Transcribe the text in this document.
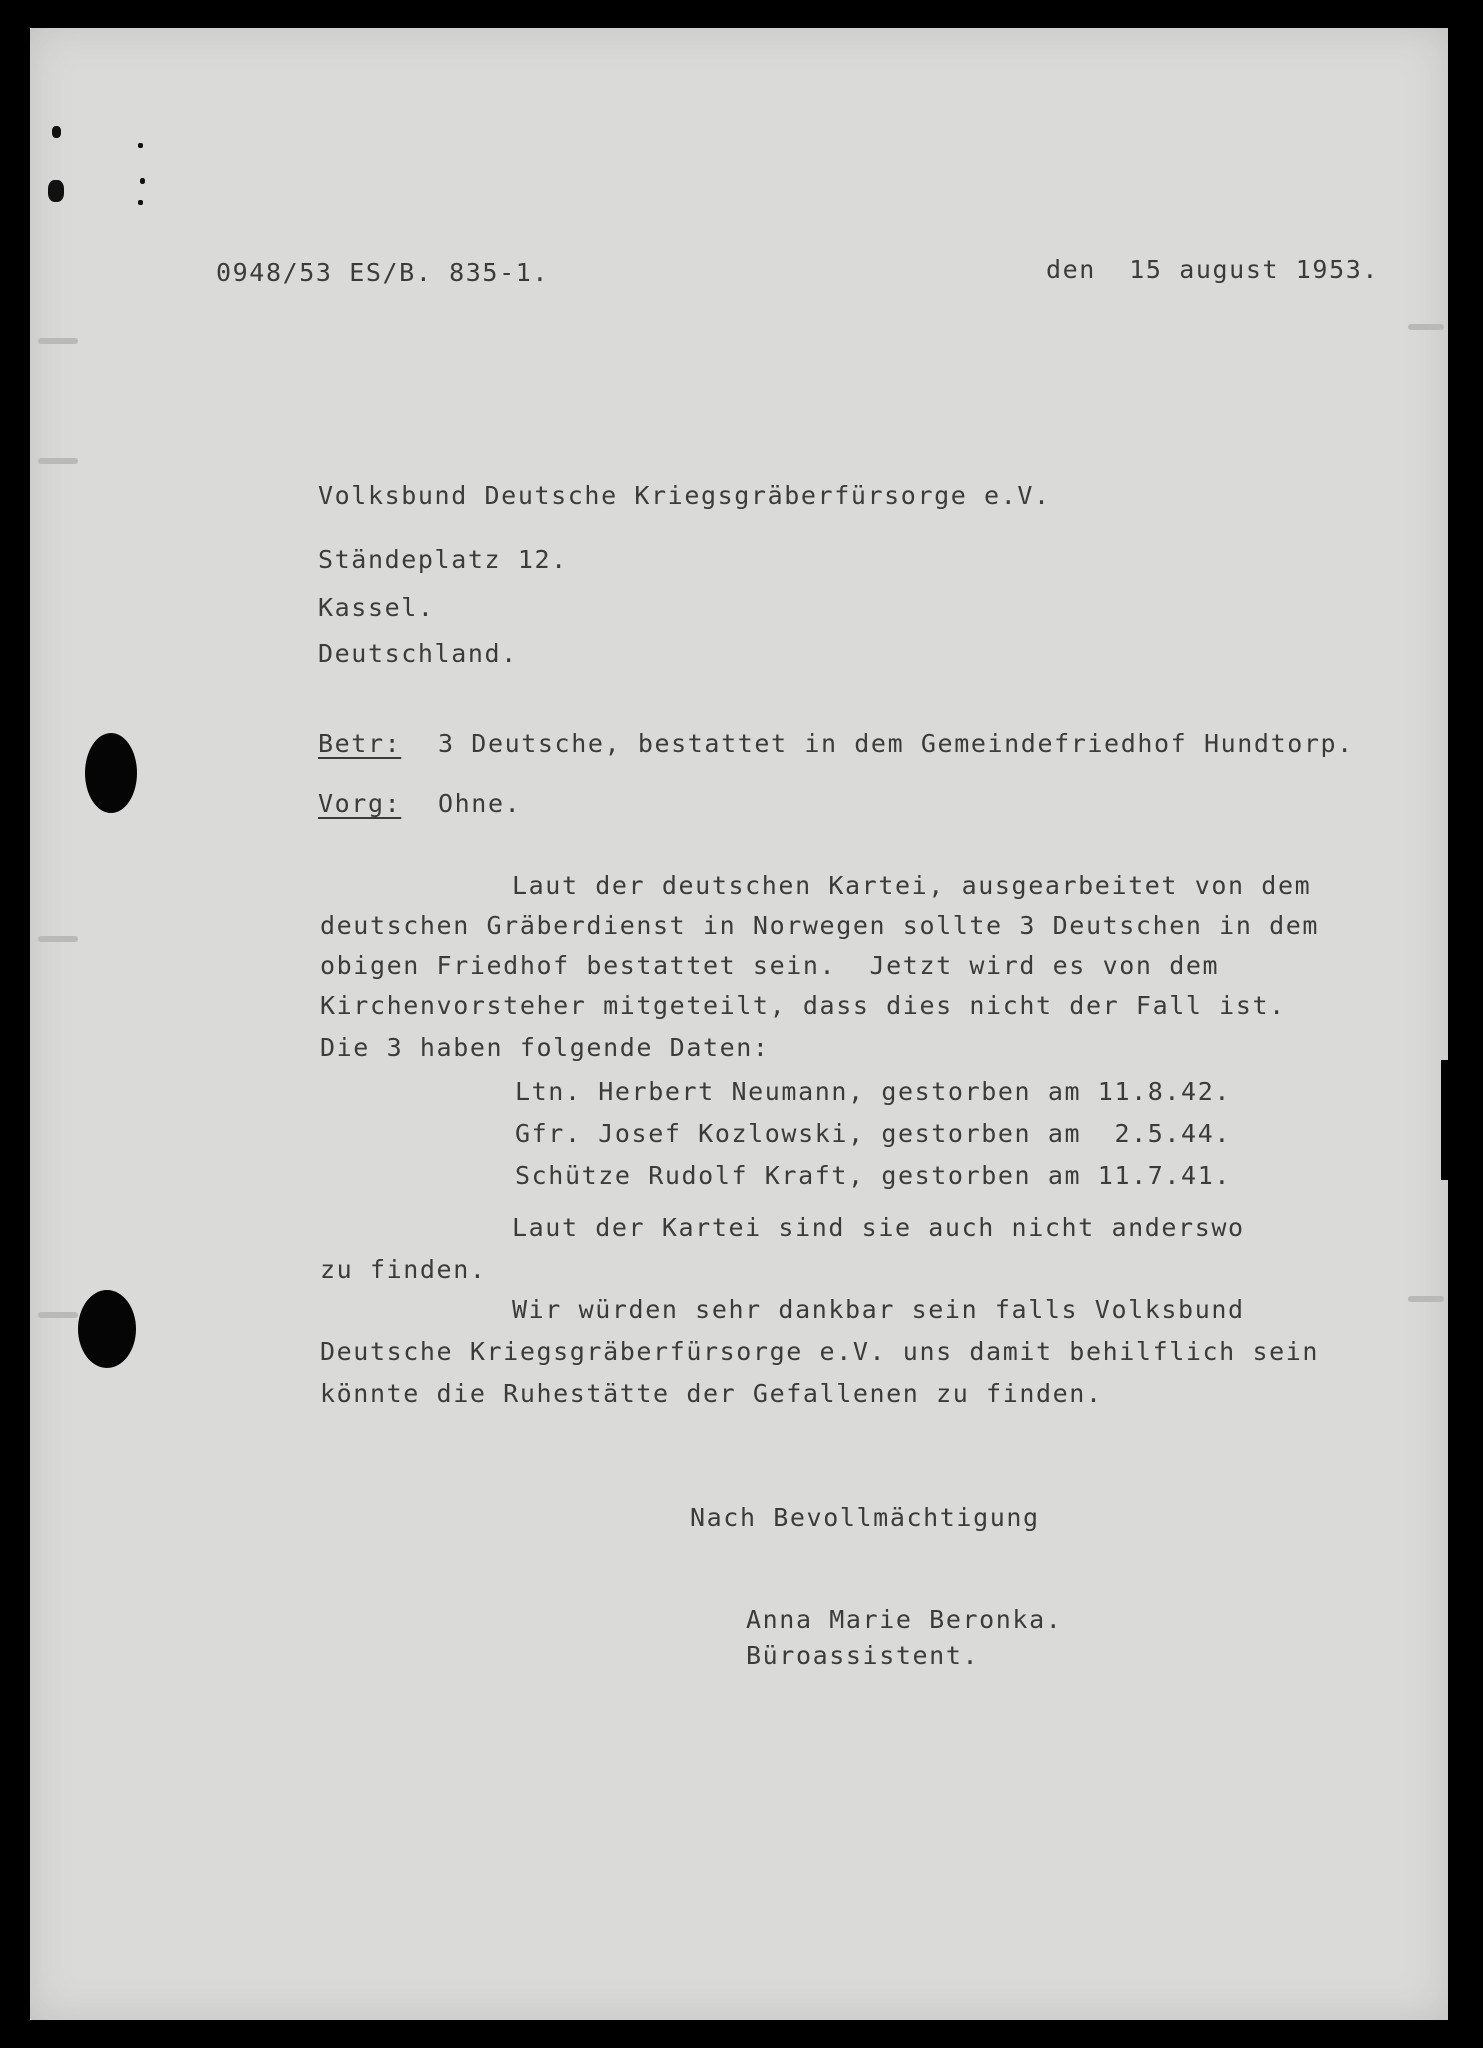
0948/53 ES/B. 835-1.	den  15 august 1953.
Volksbund Deutsche Kriegsgräberfürsorge e.V.
Ständeplatz 12.
Kassel.
Deutschland.
Betr: 3 Deutsche, bestattet in dem Gemeindefriedhof Hundtorp.
Vorg: Ohne.
Laut der deutschen Kartei, ausgearbeitet von dem
deutschen Gräberdienst in Norwegen sollte 3 Deutschen in dem
obigen Friedhof bestattet sein.  Jetzt wird es von dem
Kirchenvorsteher mitgeteilt, dass dies nicht der Fall ist.
Die 3 haben folgende Daten:
Ltn. Herbert Neumann, gestorben am 11.8.42.
Gfr. Josef Kozlowski, gestorben am  2.5.44.
Schütze Rudolf Kraft, gestorben am 11.7.41.
Laut der Kartei sind sie auch nicht anderswo
zu finden.
Wir würden sehr dankbar sein falls Volksbund
Deutsche Kriegsgräberfürsorge e.V. uns damit behilflich sein
könnte die Ruhestätte der Gefallenen zu finden.
Nach Bevollmächtigung
Anna Marie Beronka.
Büroassistent.
